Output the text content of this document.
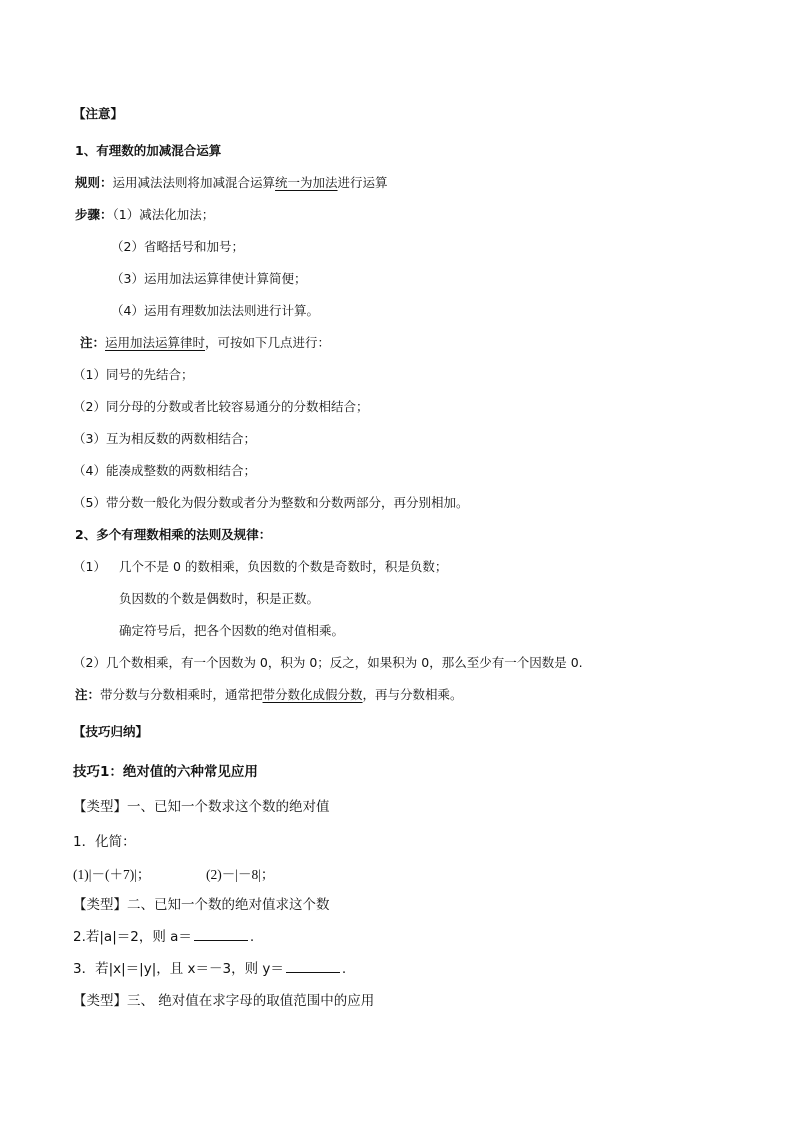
【注意】
1、有理数的加减混合运算
规则：运用减法法则将加减混合运算统一为加法进行运算
步骤：（1）减法化加法；
（2）省略括号和加号；
（3）运用加法运算律使计算简便；
（4）运用有理数加法法则进行计算。
注：运用加法运算律时，可按如下几点进行：
（1）同号的先结合；
（2）同分母的分数或者比较容易通分的分数相结合；
（3）互为相反数的两数相结合；
（4）能凑成整数的两数相结合；
（5）带分数一般化为假分数或者分为整数和分数两部分，再分别相加。
2、多个有理数相乘的法则及规律：
（1） 几个不是 0 的数相乘，负因数的个数是奇数时，积是负数；
负因数的个数是偶数时，积是正数。
确定符号后，把各个因数的绝对值相乘。
（2）几个数相乘，有一个因数为 0，积为 0；反之，如果积为 0，那么至少有一个因数是 0.
注：带分数与分数相乘时，通常把带分数化成假分数，再与分数相乘。
【技巧归纳】
技巧1：绝对值的六种常见应用
【类型】一、已知一个数求这个数的绝对值
1．化简：
(1)|－(＋7)|；	(2)－|－8|；
【类型】二、已知一个数的绝对值求这个数
2.若|a|＝2，则 a＝	.
3．若|x|＝|y|，且 x＝－3，则 y＝	.
【类型】三、 绝对值在求字母的取值范围中的应用
